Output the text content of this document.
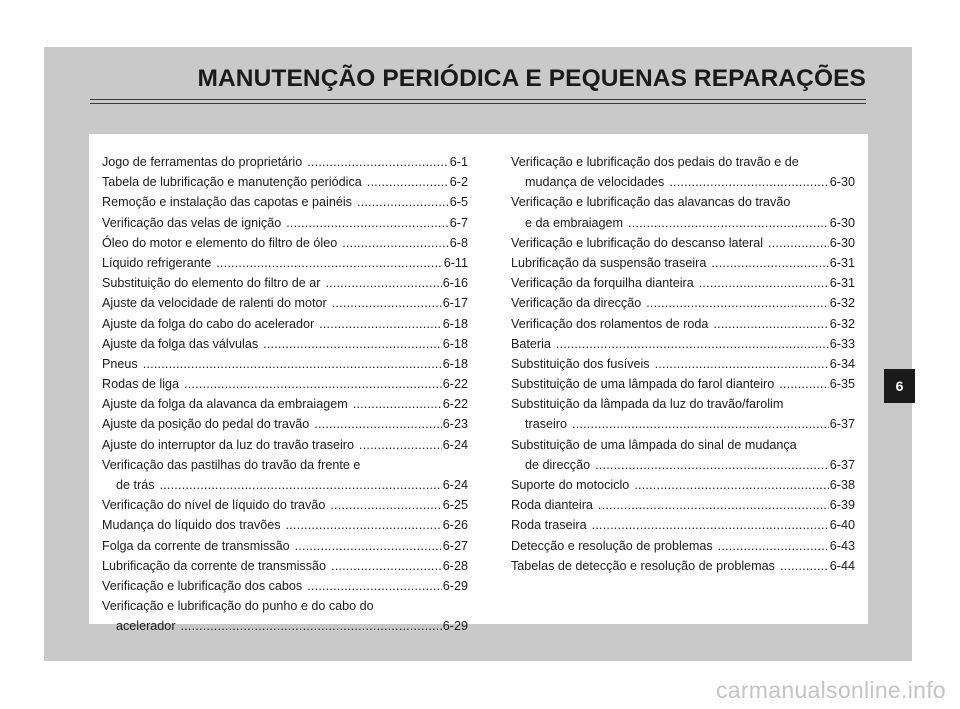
MANUTENÇÃO PERIÓDICA E PEQUENAS REPARAÇÕES
Jogo de ferramentas do proprietário .....	6-1
Tabela de lubrificação e manutenção periódica .....	6-2
Remoção e instalação das capotas e painéis .....	6-5
Verificação das velas de ignição .....	6-7
Óleo do motor e elemento do filtro de óleo .....	6-8
Líquido refrigerante .....	6-11
Substituição do elemento do filtro de ar .....	6-16
Ajuste da velocidade de ralenti do motor .....	6-17
Ajuste da folga do cabo do acelerador .....	6-18
Ajuste da folga das válvulas .....	6-18
Pneus .....	6-18
Rodas de liga .....	6-22
Ajuste da folga da alavanca da embraiagem .....	6-22
Ajuste da posição do pedal do travão .....	6-23
Ajuste do interruptor da luz do travão traseiro .....	6-24
Verificação das pastilhas do travão da frente e
de trás .....	6-24
Verificação do nível de líquido do travão .....	6-25
Mudança do líquido dos travões .....	6-26
Folga da corrente de transmissão .....	6-27
Lubrificação da corrente de transmissão .....	6-28
Verificação e lubrificação dos cabos .....	6-29
Verificação e lubrificação do punho e do cabo do
acelerador .....	6-29
Verificação e lubrificação dos pedais do travão e de
mudança de velocidades .....	6-30
Verificação e lubrificação das alavancas do travão
e da embraiagem .....	6-30
Verificação e lubrificação do descanso lateral .....	6-30
Lubrificação da suspensão traseira .....	6-31
Verificação da forquilha dianteira .....	6-31
Verificação da direcção .....	6-32
Verificação dos rolamentos de roda .....	6-32
Bateria .....	6-33
Substituição dos fusíveis .....	6-34
Substituição de uma lâmpada do farol dianteiro .....	6-35
Substituição da lâmpada da luz do travão/farolim
traseiro .....	6-37
Substituição de uma lâmpada do sinal de mudança
de direcção .....	6-37
Suporte do motociclo .....	6-38
Roda dianteira .....	6-39
Roda traseira .....	6-40
Detecção e resolução de problemas .....	6-43
Tabelas de detecção e resolução de problemas .....	6-44
6
carmanualsonline.info
